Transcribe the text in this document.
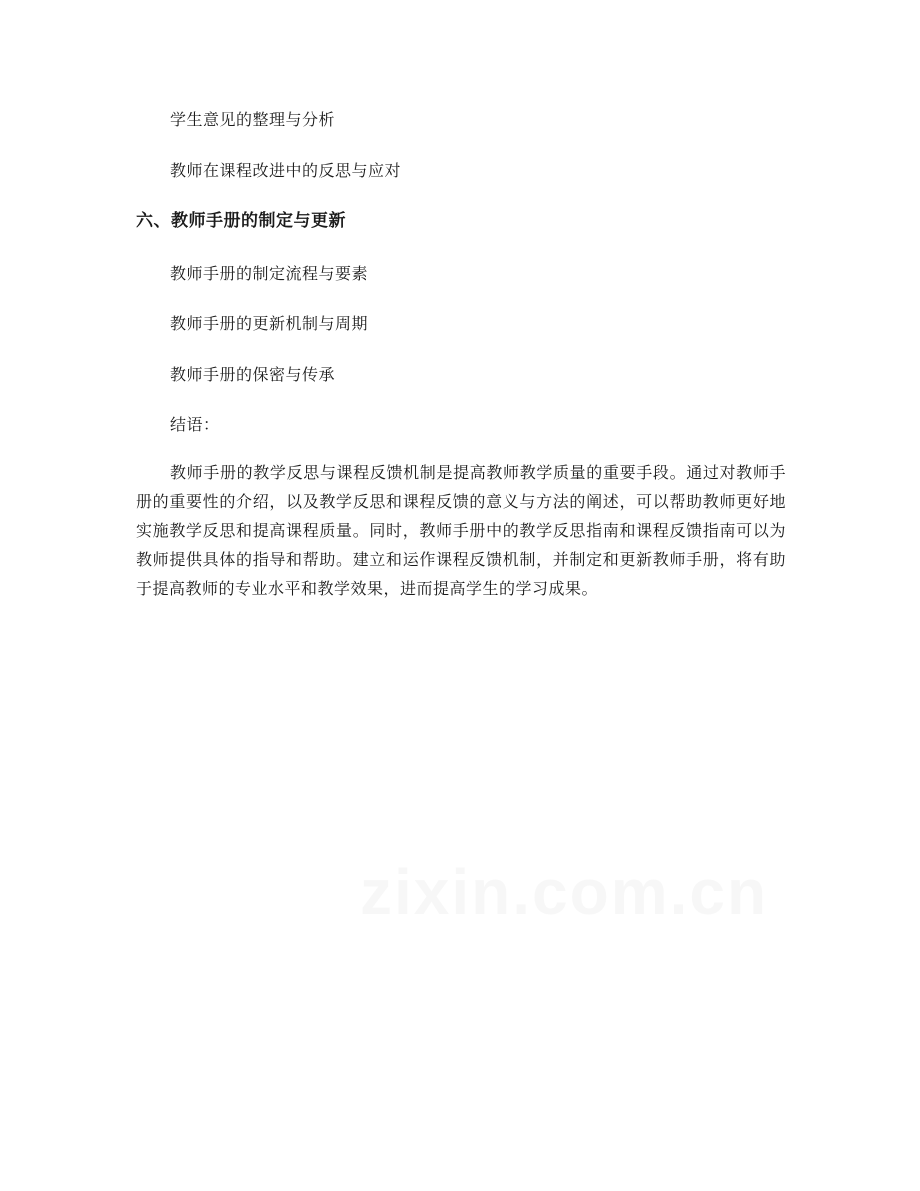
学生意见的整理与分析
教师在课程改进中的反思与应对
六、教师手册的制定与更新
教师手册的制定流程与要素
教师手册的更新机制与周期
教师手册的保密与传承
结语：
教师手册的教学反思与课程反馈机制是提高教师教学质量的重要手段。通过对教师手册的重要性的介绍，以及教学反思和课程反馈的意义与方法的阐述，可以帮助教师更好地实施教学反思和提高课程质量。同时，教师手册中的教学反思指南和课程反馈指南可以为教师提供具体的指导和帮助。建立和运作课程反馈机制，并制定和更新教师手册，将有助于提高教师的专业水平和教学效果，进而提高学生的学习成果。
zixin.com.cn
